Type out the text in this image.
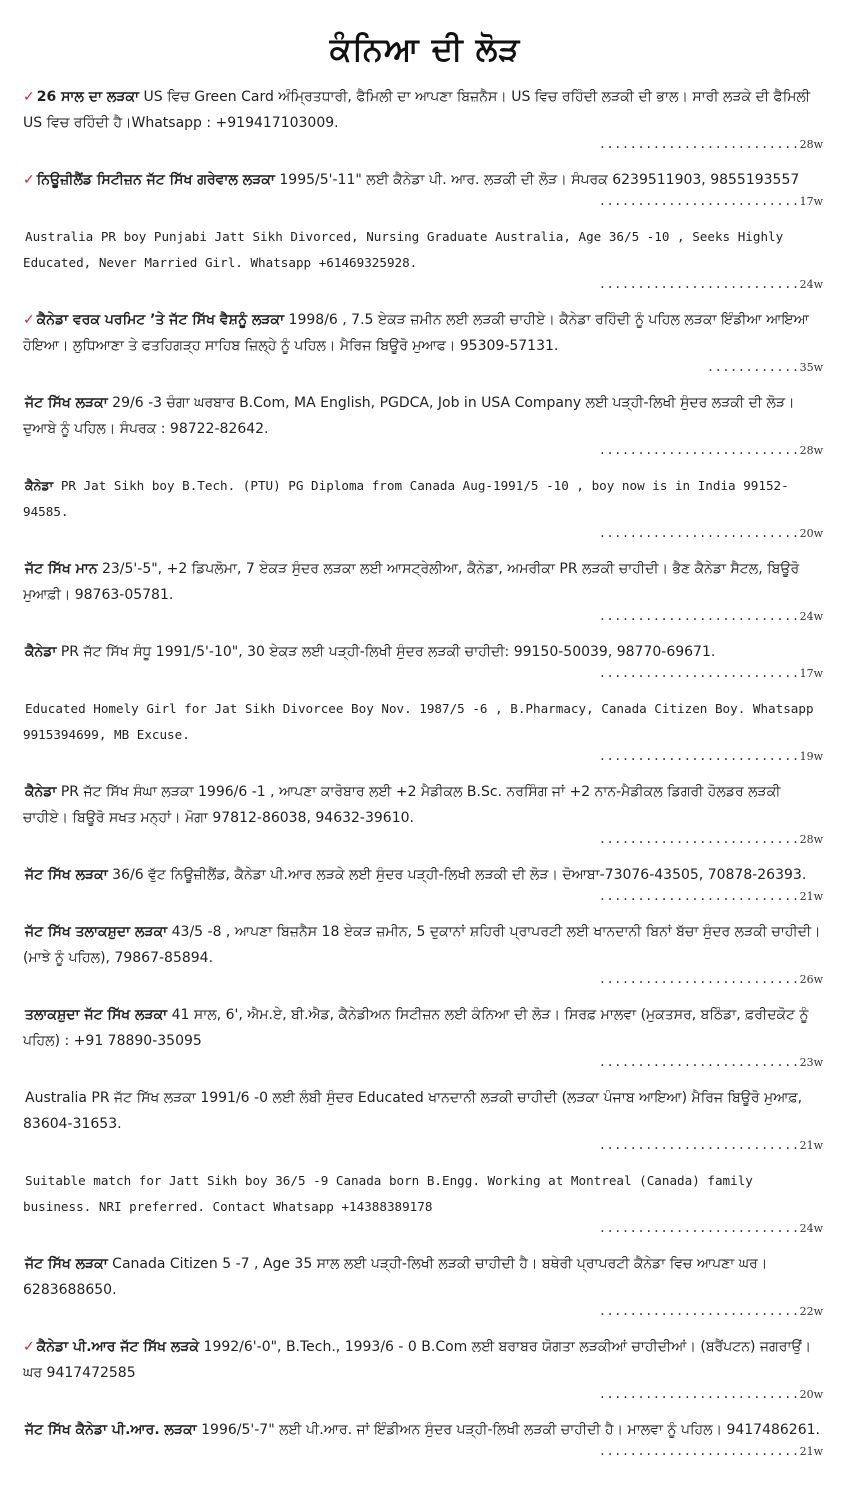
ਕੰਨਿਆ ਦੀ ਲੋੜ
✓ 26 ਸਾਲ ਦਾ ਲੜਕਾ US ਵਿਚ Green Card ਅੰਮ੍ਰਿਤਧਾਰੀ, ਫੈਮਿਲੀ ਦਾ ਆਪਣਾ ਬਿਜ਼ਨੈਸ। US ਵਿਚ ਰਹਿੰਦੀ ਲੜਕੀ ਦੀ ਭਾਲ। ਸਾਰੀ ਲੜਕੇ ਦੀ ਫੈਮਿਲੀ US ਵਿਚ ਰਹਿੰਦੀ ਹੈ।Whatsapp : +919417103009.
..........................28w
✓ ਨਿਊਜ਼ੀਲੈਂਡ ਸਿਟੀਜ਼ਨ ਜੱਟ ਸਿੱਖ ਗਰੇਵਾਲ ਲੜਕਾ 1995/5'-11" ਲਈ ਕੈਨੇਡਾ ਪੀ. ਆਰ. ਲੜਕੀ ਦੀ ਲੋੜ। ਸੰਪਰਕ 6239511903, 9855193557
..........................17w
Australia PR boy Punjabi Jatt Sikh Divorced, Nursing Graduate Australia, Age 36/5 -10 , Seeks Highly Educated, Never Married Girl. Whatsapp +61469325928.
..........................24w
✓ ਕੈਨੇਡਾ ਵਰਕ ਪਰਮਿਟ ’ਤੇ ਜੱਟ ਸਿੱਖ ਵੈਸ਼ਨੂੰ ਲੜਕਾ 1998/6 , 7.5 ਏਕੜ ਜ਼ਮੀਨ ਲਈ ਲੜਕੀ ਚਾਹੀਏ। ਕੈਨੇਡਾ ਰਹਿੰਦੀ ਨੂੰ ਪਹਿਲ ਲੜਕਾ ਇੰਡੀਆ ਆਇਆ ਹੋਇਆ। ਲੁਧਿਆਣਾ ਤੇ ਫਤਹਿਗੜ੍ਹ ਸਾਹਿਬ ਜ਼ਿਲ੍ਹੇ ਨੂੰ ਪਹਿਲ। ਮੈਰਿਜ ਬਿਊਰੋ ਮੁਆਫ। 95309-57131.
............35w
ਜੱਟ ਸਿੱਖ ਲੜਕਾ 29/6 -3 ਚੰਗਾ ਘਰਬਾਰ B.Com, MA English, PGDCA, Job in USA Company ਲਈ ਪੜ੍ਹੀ-ਲਿਖੀ ਸੁੰਦਰ ਲੜਕੀ ਦੀ ਲੋੜ। ਦੁਆਬੇ ਨੂੰ ਪਹਿਲ। ਸੰਪਰਕ : 98722-82642.
..........................28w
ਕੈਨੇਡਾ PR Jat Sikh boy B.Tech. (PTU) PG Diploma from Canada Aug-1991/5 -10 , boy now is in India 99152-94585.
..........................20w
ਜੱਟ ਸਿੱਖ ਮਾਨ 23/5'-5", +2 ਡਿਪਲੋਮਾ, 7 ਏਕੜ ਸੁੰਦਰ ਲੜਕਾ ਲਈ ਆਸਟ੍ਰੇਲੀਆ, ਕੈਨੇਡਾ, ਅਮਰੀਕਾ PR ਲੜਕੀ ਚਾਹੀਦੀ। ਭੈਣ ਕੈਨੇਡਾ ਸੈਟਲ, ਬਿਊਰੋ ਮੁਆਫ਼ੀ। 98763-05781.
..........................24w
ਕੈਨੇਡਾ PR ਜੱਟ ਸਿੱਖ ਸੰਧੂ 1991/5'-10", 30 ਏਕੜ ਲਈ ਪੜ੍ਹੀ-ਲਿਖੀ ਸੁੰਦਰ ਲੜਕੀ ਚਾਹੀਦੀ: 99150-50039, 98770-69671.
..........................17w
Educated Homely Girl for Jat Sikh Divorcee Boy Nov. 1987/5 -6 , B.Pharmacy, Canada Citizen Boy. Whatsapp 9915394699, MB Excuse.
..........................19w
ਕੈਨੇਡਾ PR ਜੱਟ ਸਿੱਖ ਸੰਘਾ ਲੜਕਾ 1996/6 -1 , ਆਪਣਾ ਕਾਰੋਬਾਰ ਲਈ +2 ਮੈਡੀਕਲ B.Sc. ਨਰਸਿੰਗ ਜਾਂ +2 ਨਾਨ-ਮੈਡੀਕਲ ਡਿਗਰੀ ਹੋਲਡਰ ਲੜਕੀ ਚਾਹੀਏ। ਬਿਊਰੋ ਸਖਤ ਮਨ੍ਹਾਂ। ਮੋਗਾ 97812-86038, 94632-39610.
..........................28w
ਜੱਟ ਸਿੱਖ ਲੜਕਾ 36/6 ਵੁੱਟ ਨਿਊਜ਼ੀਲੈਂਡ, ਕੈਨੇਡਾ ਪੀ.ਆਰ ਲੜਕੇ ਲਈ ਸੁੰਦਰ ਪੜ੍ਹੀ-ਲਿਖੀ ਲੜਕੀ ਦੀ ਲੋੜ। ਦੋਆਬਾ-73076-43505, 70878-26393.
..........................21w
ਜੱਟ ਸਿੱਖ ਤਲਾਕਸ਼ੁਦਾ ਲੜਕਾ 43/5 -8 , ਆਪਣਾ ਬਿਜ਼ਨੈਸ 18 ਏਕੜ ਜ਼ਮੀਨ, 5 ਦੁਕਾਨਾਂ ਸ਼ਹਿਰੀ ਪ੍ਰਾਪਰਟੀ ਲਈ ਖਾਨਦਾਨੀ ਬਿਨਾਂ ਬੱਚਾ ਸੁੰਦਰ ਲੜਕੀ ਚਾਹੀਦੀ।(ਮਾਝੇ ਨੂੰ ਪਹਿਲ), 79867-85894.
..........................26w
ਤਲਾਕਸ਼ੁਦਾ ਜੱਟ ਸਿੱਖ ਲੜਕਾ 41 ਸਾਲ, 6', ਐਮ.ਏ, ਬੀ.ਐਡ, ਕੈਨੇਡੀਅਨ ਸਿਟੀਜ਼ਨ ਲਈ ਕੰਨਿਆ ਦੀ ਲੋੜ। ਸਿਰਫ਼ ਮਾਲਵਾ (ਮੁਕਤਸਰ, ਬਠਿੰਡਾ, ਫ਼ਰੀਦਕੋਟ ਨੂੰ ਪਹਿਲ) : +91 78890-35095
..........................23w
Australia PR ਜੱਟ ਸਿੱਖ ਲੜਕਾ 1991/6 -0 ਲਈ ਲੰਬੀ ਸੁੰਦਰ Educated ਖਾਨਦਾਨੀ ਲੜਕੀ ਚਾਹੀਦੀ (ਲੜਕਾ ਪੰਜਾਬ ਆਇਆ) ਮੈਰਿਜ ਬਿਊਰੋ ਮੁਆਫ਼, 83604-31653.
..........................21w
Suitable match for Jatt Sikh boy 36/5 -9 Canada born B.Engg. Working at Montreal (Canada) family business. NRI preferred. Contact Whatsapp +14388389178
..........................24w
ਜੱਟ ਸਿੱਖ ਲੜਕਾ Canada Citizen 5 -7 , Age 35 ਸਾਲ ਲਈ ਪੜ੍ਹੀ-ਲਿਖੀ ਲੜਕੀ ਚਾਹੀਦੀ ਹੈ। ਬਥੇਰੀ ਪ੍ਰਾਪਰਟੀ ਕੈਨੇਡਾ ਵਿਚ ਆਪਣਾ ਘਰ। 6283688650.
..........................22w
✓ ਕੈਨੇਡਾ ਪੀ.ਆਰ ਜੱਟ ਸਿੱਖ ਲੜਕੇ 1992/6'-0", B.Tech., 1993/6 - 0 B.Com ਲਈ ਬਰਾਬਰ ਯੋਗਤਾ ਲੜਕੀਆਂ ਚਾਹੀਦੀਆਂ। (ਬਰੈਂਪਟਨ) ਜਗਰਾਉਂ। ਘਰ 9417472585
..........................20w
ਜੱਟ ਸਿੱਖ ਕੈਨੇਡਾ ਪੀ.ਆਰ. ਲੜਕਾ 1996/5'-7" ਲਈ ਪੀ.ਆਰ. ਜਾਂ ਇੰਡੀਅਨ ਸੁੰਦਰ ਪੜ੍ਹੀ-ਲਿਖੀ ਲੜਕੀ ਚਾਹੀਦੀ ਹੈ। ਮਾਲਵਾ ਨੂੰ ਪਹਿਲ। 9417486261.
..........................21w
